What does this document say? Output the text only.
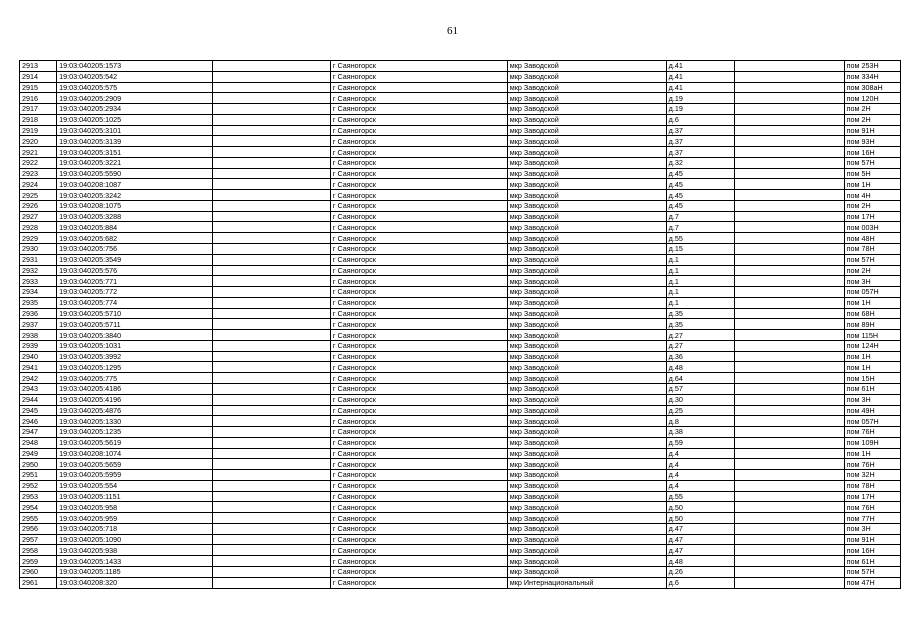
61
2913	19:03:040205:1573		г Саяногорск	мкр Заводской	д.41		пом 253Н
2914	19:03:040205:542		г Саяногорск	мкр Заводской	д.41		пом 334Н
2915	19:03:040205:575		г Саяногорск	мкр Заводской	д.41		пом 308аН
2916	19:03:040205:2909		г Саяногорск	мкр Заводской	д.19		пом 120Н
2917	19:03:040205:2934		г Саяногорск	мкр Заводской	д.19		пом 2Н
2918	19:03:040205:1025		г Саяногорск	мкр Заводской	д.6		пом 2Н
2919	19:03:040205:3101		г Саяногорск	мкр Заводской	д.37		пом 91Н
2920	19:03:040205:3139		г Саяногорск	мкр Заводской	д.37		пом 93Н
2921	19:03:040205:3151		г Саяногорск	мкр Заводской	д.37		пом 16Н
2922	19:03:040205:3221		г Саяногорск	мкр Заводской	д.32		пом 57Н
2923	19:03:040205:5590		г Саяногорск	мкр Заводской	д.45		пом 5Н
2924	19:03:040208:1087		г Саяногорск	мкр Заводской	д.45		пом 1Н
2925	19:03:040205:3242		г Саяногорск	мкр Заводской	д.45		пом 4Н
2926	19:03:040208:1075		г Саяногорск	мкр Заводской	д.45		пом 2Н
2927	19:03:040205:3288		г Саяногорск	мкр Заводской	д.7		пом 17Н
2928	19:03:040205:884		г Саяногорск	мкр Заводской	д.7		пом 003Н
2929	19:03:040205:682		г Саяногорск	мкр Заводской	д.55		пом 48Н
2930	19:03:040205:756		г Саяногорск	мкр Заводской	д.15		пом 78Н
2931	19:03:040205:3549		г Саяногорск	мкр Заводской	д.1		пом 57Н
2932	19:03:040205:576		г Саяногорск	мкр Заводской	д.1		пом 2Н
2933	19:03:040205:771		г Саяногорск	мкр Заводской	д.1		пом 3Н
2934	19:03:040205:772		г Саяногорск	мкр Заводской	д.1		пом 057Н
2935	19:03:040205:774		г Саяногорск	мкр Заводской	д.1		пом 1Н
2936	19:03:040205:5710		г Саяногорск	мкр Заводской	д.35		пом 68Н
2937	19:03:040205:5711		г Саяногорск	мкр Заводской	д.35		пом 89Н
2938	19:03:040205:3840		г Саяногорск	мкр Заводской	д.27		пом 115Н
2939	19:03:040205:1031		г Саяногорск	мкр Заводской	д.27		пом 124Н
2940	19:03:040205:3992		г Саяногорск	мкр Заводской	д.36		пом 1Н
2941	19:03:040205:1295		г Саяногорск	мкр Заводской	д.48		пом 1Н
2942	19:03:040205:775		г Саяногорск	мкр Заводской	д.64		пом 15Н
2943	19:03:040205:4186		г Саяногорск	мкр Заводской	д.57		пом 61Н
2944	19:03:040205:4196		г Саяногорск	мкр Заводской	д.30		пом 3Н
2945	19:03:040205:4876		г Саяногорск	мкр Заводской	д.25		пом 49Н
2946	19:03:040205:1330		г Саяногорск	мкр Заводской	д.8		пом 057Н
2947	19:03:040205:1235		г Саяногорск	мкр Заводской	д.38		пом 76Н
2948	19:03:040205:5619		г Саяногорск	мкр Заводской	д.59		пом 109Н
2949	19:03:040208:1074		г Саяногорск	мкр Заводской	д.4		пом 1Н
2950	19:03:040205:5659		г Саяногорск	мкр Заводской	д.4		пом 76Н
2951	19:03:040205:5959		г Саяногорск	мкр Заводской	д.4		пом 32Н
2952	19:03:040205:554		г Саяногорск	мкр Заводской	д.4		пом 78Н
2953	19:03:040205:1151		г Саяногорск	мкр Заводской	д.55		пом 17Н
2954	19:03:040205:958		г Саяногорск	мкр Заводской	д.50		пом 76Н
2955	19:03:040205:959		г Саяногорск	мкр Заводской	д.50		пом 77Н
2956	19:03:040205:718		г Саяногорск	мкр Заводской	д.47		пом 3Н
2957	19:03:040205:1090		г Саяногорск	мкр Заводской	д.47		пом 91Н
2958	19:03:040205:938		г Саяногорск	мкр Заводской	д.47		пом 16Н
2959	19:03:040205:1433		г Саяногорск	мкр Заводской	д.48		пом 61Н
2960	19:03:040205:1185		г Саяногорск	мкр Заводской	д.26		пом 57Н
2961	19:03:040208:320		г Саяногорск	мкр Интернациональный	д.6		пом 47Н
